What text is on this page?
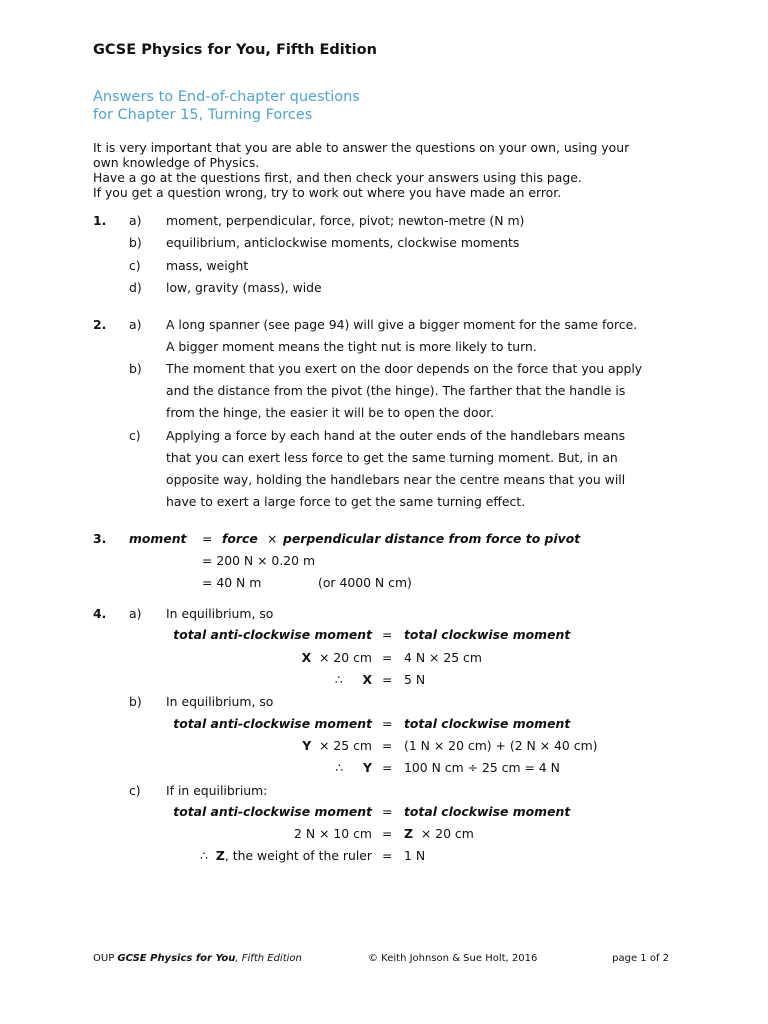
GCSE Physics for You, Fifth Edition
Answers to End-of-chapter questions
for Chapter 15, Turning Forces
It is very important that you are able to answer the questions on your own, using your
own knowledge of Physics.
Have a go at the questions first, and then check your answers using this page.
If you get a question wrong, try to work out where you have made an error.
1. a) moment, perpendicular, force, pivot; newton-metre (N m)
b) equilibrium, anticlockwise moments, clockwise moments
c) mass, weight
d) low, gravity (mass), wide
2. a) A long spanner (see page 94) will give a bigger moment for the same force.
A bigger moment means the tight nut is more likely to turn.
b) The moment that you exert on the door depends on the force that you apply
and the distance from the pivot (the hinge). The farther that the handle is
from the hinge, the easier it will be to open the door.
c) Applying a force by each hand at the outer ends of the handlebars means
that you can exert less force to get the same turning moment. But, in an
opposite way, holding the handlebars near the centre means that you will
have to exert a large force to get the same turning effect.
3. moment = force × perpendicular distance from force to pivot
= 200 N × 0.20 m
= 40 N m	(or 4000 N cm)
4. a) In equilibrium, so
total anti-clockwise moment = total clockwise moment
X × 20 cm = 4 N × 25 cm
∴ X = 5 N
b) In equilibrium, so
total anti-clockwise moment = total clockwise moment
Y × 25 cm = (1 N × 20 cm) + (2 N × 40 cm)
∴ Y = 100 N cm ÷ 25 cm = 4 N
c) If in equilibrium:
total anti-clockwise moment = total clockwise moment
2 N × 10 cm = Z × 20 cm
∴ Z, the weight of the ruler = 1 N
OUP GCSE Physics for You, Fifth Edition	© Keith Johnson & Sue Holt, 2016	page 1 of 2
